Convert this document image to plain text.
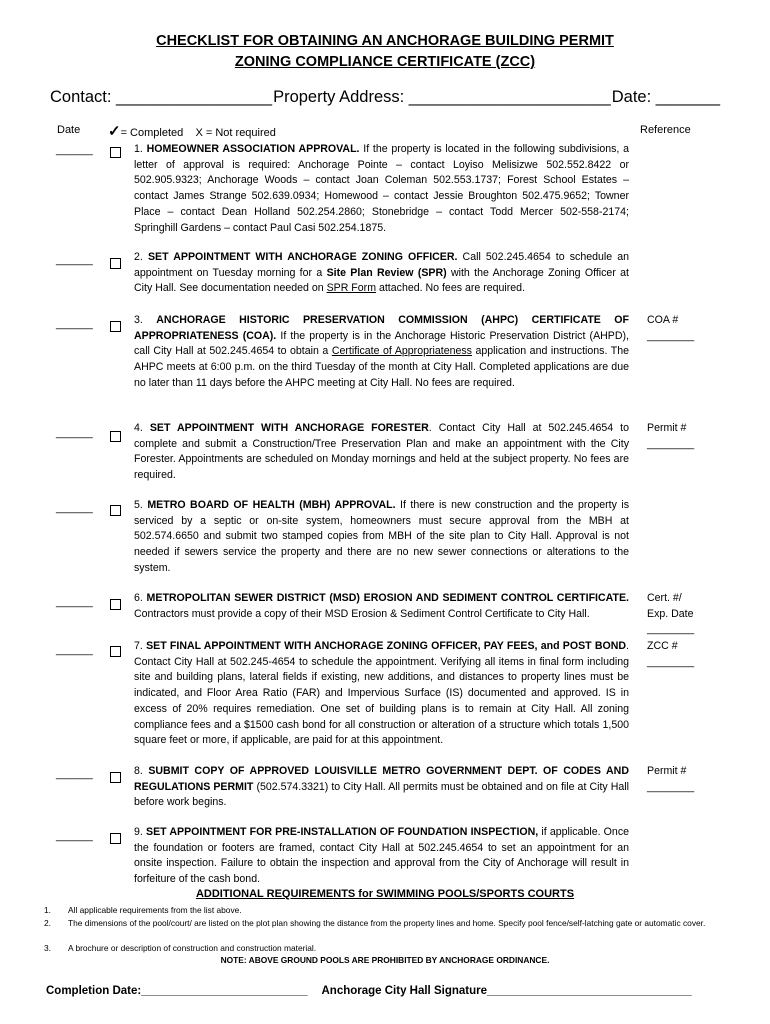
CHECKLIST FOR OBTAINING AN ANCHORAGE BUILDING PERMIT
ZONING COMPLIANCE CERTIFICATE (ZCC)
Contact: _________________ Property Address: ______________________ Date: _______
Date ✓= Completed    X = Not required	Reference
______	1. HOMEOWNER ASSOCIATION APPROVAL. If the property is located in the following subdivisions, a letter of approval is required: Anchorage Pointe – contact Loyiso Melisizwe 502.552.8422 or 502.905.9323; Anchorage Woods – contact Joan Coleman 502.553.1737; Forest School Estates – contact James Strange 502.639.0934; Homewood – contact Jessie Broughton 502.475.9652; Towner Place – contact Dean Holland 502.254.2860; Stonebridge – contact Todd Mercer 502-558-2174; Springhill Gardens – contact Paul Casi 502.254.1875.
______	2. SET APPOINTMENT WITH ANCHORAGE ZONING OFFICER. Call 502.245.4654 to schedule an appointment on Tuesday morning for a Site Plan Review (SPR) with the Anchorage Zoning Officer at City Hall. See documentation needed on SPR Form attached. No fees are required.
______	3. ANCHORAGE HISTORIC PRESERVATION COMMISSION (AHPC) CERTIFICATE OF APPROPRIATENESS (COA). If the property is in the Anchorage Historic Preservation District (AHPD), call City Hall at 502.245.4654 to obtain a Certificate of Appropriateness application and instructions. The AHPC meets at 6:00 p.m. on the third Tuesday of the month at City Hall. Completed applications are due no later than 11 days before the AHPC meeting at City Hall. No fees are required.
COA #
________
______	4. SET APPOINTMENT WITH ANCHORAGE FORESTER. Contact City Hall at 502.245.4654 to complete and submit a Construction/Tree Preservation Plan and make an appointment with the City Forester. Appointments are scheduled on Monday mornings and held at the subject property. No fees are required.
Permit #
________
______	5. METRO BOARD OF HEALTH (MBH) APPROVAL. If there is new construction and the property is serviced by a septic or on-site system, homeowners must secure approval from the MBH at 502.574.6650 and submit two stamped copies from MBH of the site plan to City Hall. Approval is not needed if sewers service the property and there are no new sewer connections or alterations to the system.
______	6. METROPOLITAN SEWER DISTRICT (MSD) EROSION AND SEDIMENT CONTROL CERTIFICATE. Contractors must provide a copy of their MSD Erosion & Sediment Control Certificate to City Hall.
Cert. #/
Exp. Date
________
______	7. SET FINAL APPOINTMENT WITH ANCHORAGE ZONING OFFICER, PAY FEES, and POST BOND. Contact City Hall at 502.245-4654 to schedule the appointment. Verifying all items in final form including site and building plans, lateral fields if existing, new additions, and distances to property lines must be indicated, and Floor Area Ratio (FAR) and Impervious Surface (IS) documented and approved. IS in excess of 20% requires remediation. One set of building plans is to remain at City Hall. All zoning compliance fees and a $1500 cash bond for all construction or alteration of a structure which totals 1,500 square feet or more, if applicable, are paid for at this appointment.
ZCC #
________
______	8. SUBMIT COPY OF APPROVED LOUISVILLE METRO GOVERNMENT DEPT. OF CODES AND REGULATIONS PERMIT (502.574.3321) to City Hall. All permits must be obtained and on file at City Hall before work begins.
Permit #
________
______	9. SET APPOINTMENT FOR PRE-INSTALLATION OF FOUNDATION INSPECTION, if applicable. Once the foundation or footers are framed, contact City Hall at 502.245.4654 to set an appointment for an onsite inspection. Failure to obtain the inspection and approval from the City of Anchorage will result in forfeiture of the cash bond.
ADDITIONAL REQUIREMENTS for SWIMMING POOLS/SPORTS COURTS
1.	All applicable requirements from the list above.
2.	The dimensions of the pool/court/ are listed on the plot plan showing the distance from the property lines and home. Specify pool fence/self-latching gate or automatic cover.
3.	A brochure or description of construction and construction material.
NOTE: ABOVE GROUND POOLS ARE PROHIBITED BY ANCHORAGE ORDINANCE.
Completion Date:__________________________ Anchorage City Hall Signature________________________________
